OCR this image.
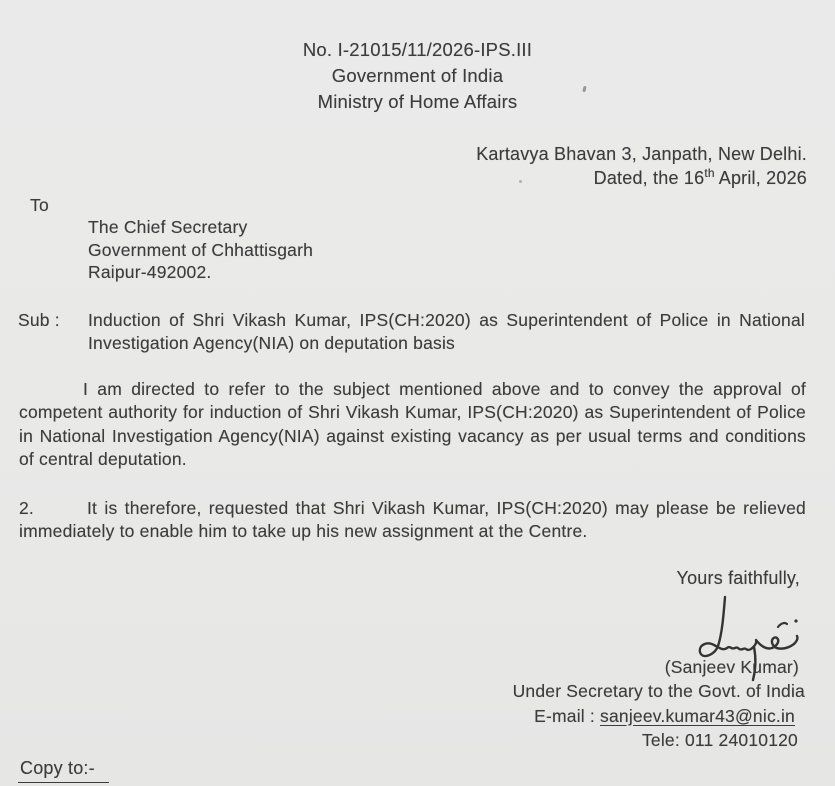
No. I-21015/11/2026-IPS.III
Government of India
Ministry of Home Affairs
Kartavya Bhavan 3, Janpath, New Delhi.
Dated, the 16th April, 2026
To
The Chief Secretary
Government of Chhattisgarh
Raipur-492002.

Sub : Induction of Shri Vikash Kumar, IPS(CH:2020) as Superintendent of Police in National Investigation Agency(NIA) on deputation basis

I am directed to refer to the subject mentioned above and to convey the approval of competent authority for induction of Shri Vikash Kumar, IPS(CH:2020) as Superintendent of Police in National Investigation Agency(NIA) against existing vacancy as per usual terms and conditions of central deputation.

2.	It is therefore, requested that Shri Vikash Kumar, IPS(CH:2020) may please be relieved immediately to enable him to take up his new assignment at the Centre.

Yours faithfully,
(Sanjeev Kumar)
Under Secretary to the Govt. of India
E-mail : sanjeev.kumar43@nic.in
Tele: 011 24010120
Copy to:-
